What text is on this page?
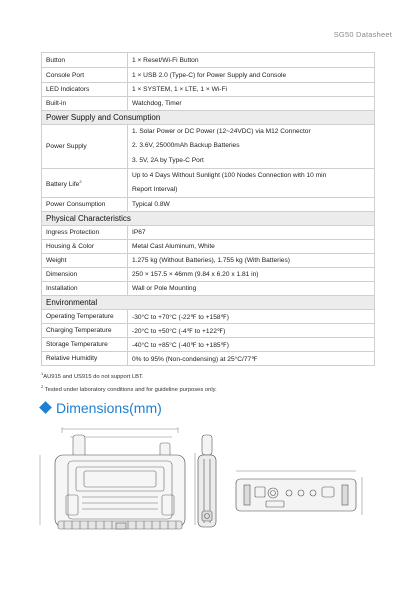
SG50 Datasheet
Button	1 × Reset/Wi-Fi Button
Console Port	1 × USB 2.0 (Type-C) for Power Supply and Console
LED Indicators	1 × SYSTEM, 1 × LTE, 1 × Wi-Fi
Built-in	Watchdog, Timer
Power Supply and Consumption	
Power Supply	1. Solar Power or DC Power (12~24VDC) via M12 Connector
2. 3.6V, 25000mAh Backup Batteries
3. 5V, 2A by Type-C Port

Battery Life$^2$	Up to 4 Days Without Sunlight (100 Nodes Connection with 10 min
Report Interval)

Power Consumption	Typical 0.8W
Physical Characteristics	
Ingress Protection	IP67
Housing & Color	Metal Cast Aluminum, White
Weight	1.275 kg (Without Batteries), 1.755 kg (With Batteries)
Dimension	250 × 157.5 × 46mm (9.84 x 6.20 x 1.81 in)
Installation	Wall or Pole Mounting
Environmental	
Operating Temperature	-30°C to +70°C (-22℉ to +158℉)
Charging Temperature	-20°C to +50°C (-4℉ to +122℉)
Storage Temperature	-40°C to +85°C (-40℉ to +185℉)
Relative Humidity	0% to 95% (Non-condensing) at 25°C/77℉
$^1$AU915 and US915 do not support LBT.
$^2$ Tested under laboratory conditions and for guideline purposes only.
Dimensions(mm)
